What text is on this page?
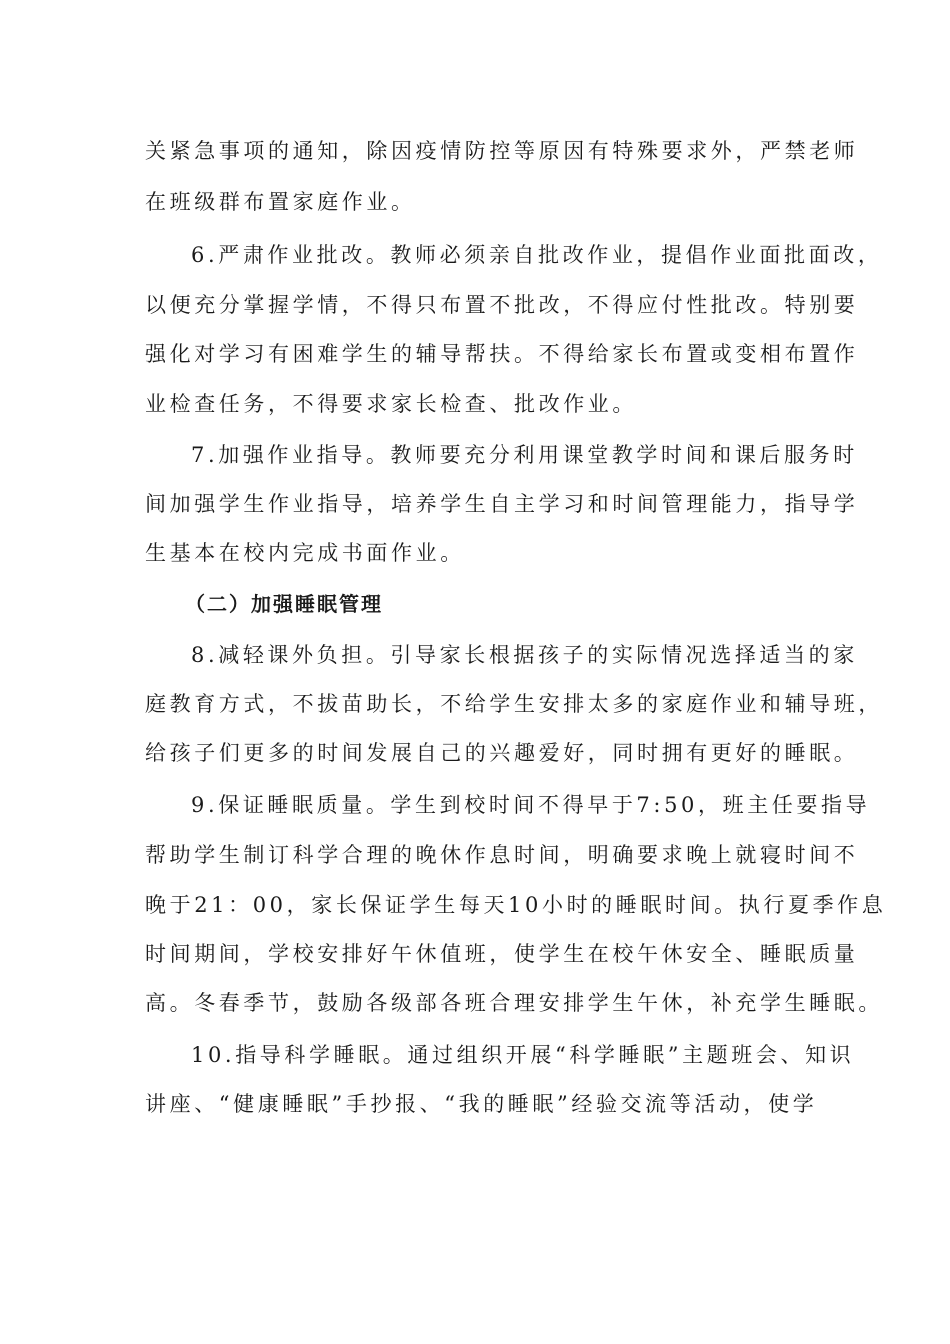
关紧急事项的通知，除因疫情防控等原因有特殊要求外，严禁老师
在班级群布置家庭作业。
6.严肃作业批改。教师必须亲自批改作业，提倡作业面批面改，
以便充分掌握学情，不得只布置不批改，不得应付性批改。特别要
强化对学习有困难学生的辅导帮扶。不得给家长布置或变相布置作
业检查任务，不得要求家长检查、批改作业。
7.加强作业指导。教师要充分利用课堂教学时间和课后服务时
间加强学生作业指导，培养学生自主学习和时间管理能力，指导学
生基本在校内完成书面作业。
（二）加强睡眠管理
8.减轻课外负担。引导家长根据孩子的实际情况选择适当的家
庭教育方式，不拔苗助长，不给学生安排太多的家庭作业和辅导班，
给孩子们更多的时间发展自己的兴趣爱好，同时拥有更好的睡眠。
9.保证睡眠质量。学生到校时间不得早于7:50，班主任要指导
帮助学生制订科学合理的晚休作息时间，明确要求晚上就寝时间不
晚于21：00，家长保证学生每天10小时的睡眠时间。执行夏季作息
时间期间，学校安排好午休值班，使学生在校午休安全、睡眠质量
高。冬春季节，鼓励各级部各班合理安排学生午休，补充学生睡眠。
10.指导科学睡眠。通过组织开展“科学睡眠”主题班会、知识
讲座、“健康睡眠”手抄报、“我的睡眠”经验交流等活动，使学
